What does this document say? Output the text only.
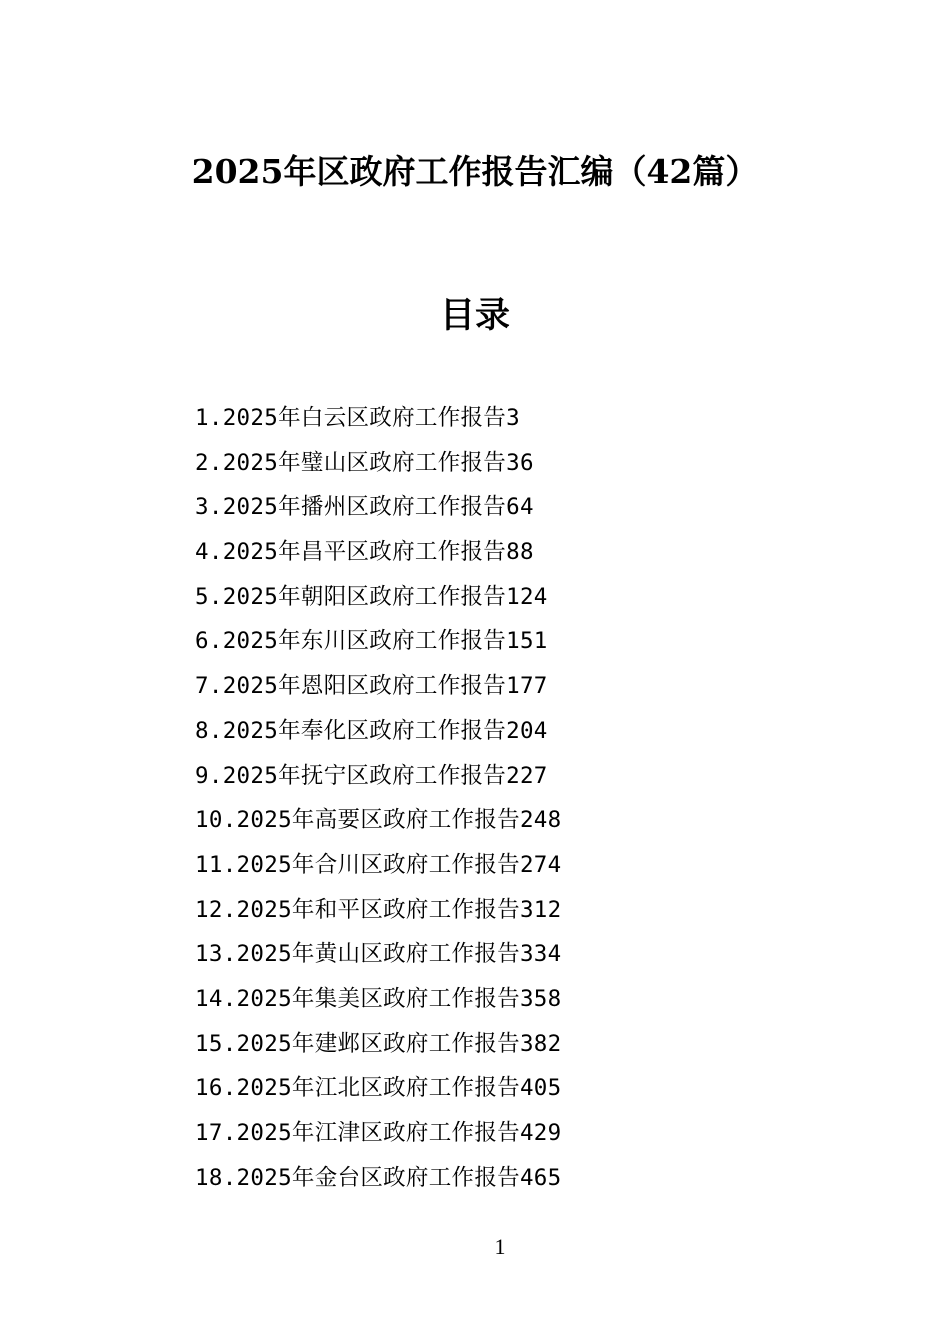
2025年区政府工作报告汇编（42篇）
目录
1.2025年白云区政府工作报告3
2.2025年璧山区政府工作报告36
3.2025年播州区政府工作报告64
4.2025年昌平区政府工作报告88
5.2025年朝阳区政府工作报告124
6.2025年东川区政府工作报告151
7.2025年恩阳区政府工作报告177
8.2025年奉化区政府工作报告204
9.2025年抚宁区政府工作报告227
10.2025年高要区政府工作报告248
11.2025年合川区政府工作报告274
12.2025年和平区政府工作报告312
13.2025年黄山区政府工作报告334
14.2025年集美区政府工作报告358
15.2025年建邺区政府工作报告382
16.2025年江北区政府工作报告405
17.2025年江津区政府工作报告429
18.2025年金台区政府工作报告465
1
